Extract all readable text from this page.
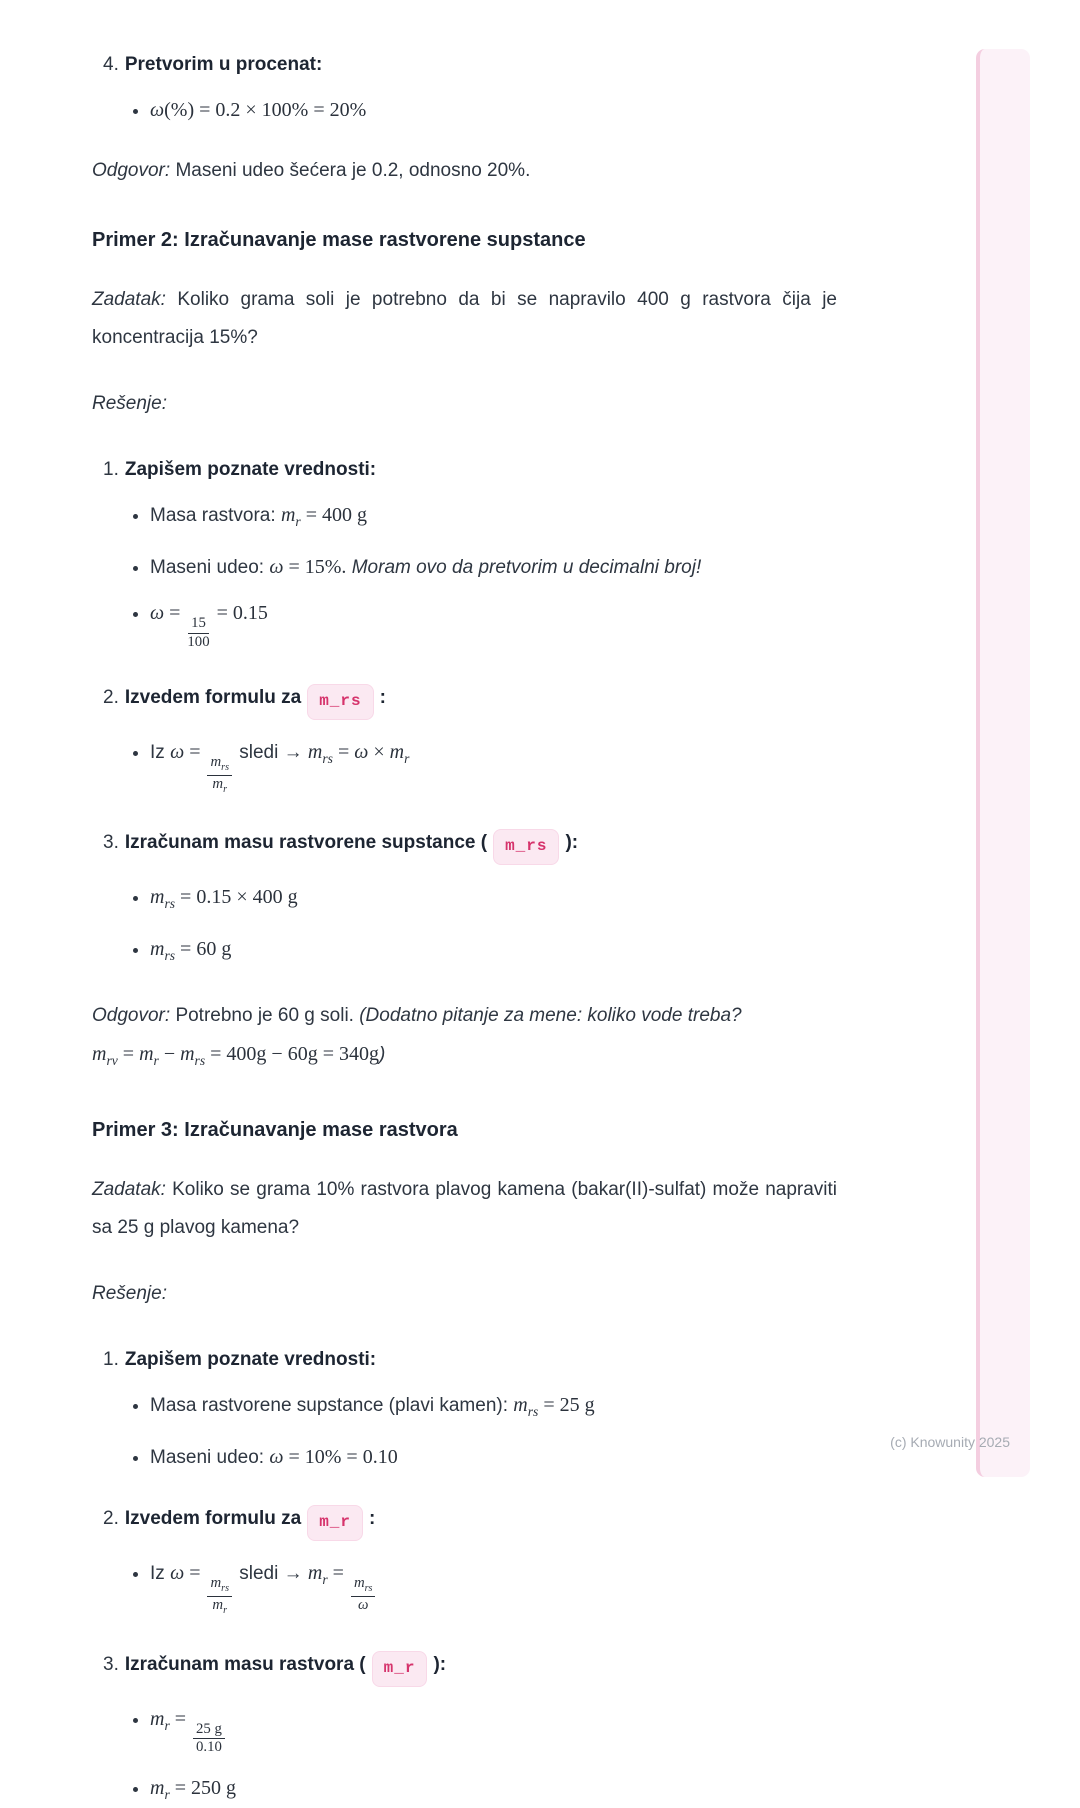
4. Pretvorim u procenat:
• ω(%) = 0.2 × 100% = 20%

Odgovor: Maseni udeo šećera je 0.2, odnosno 20%.

Primer 2: Izračunavanje mase rastvorene supstance

Zadatak: Koliko grama soli je potrebno da bi se napravilo 400 g rastvora čija je koncentracija 15%?

Rešenje:

1. Zapišem poznate vrednosti:
• Masa rastvora: $m_r = 400$ g
• Maseni udeo: ω = 15%. Moram ovo da pretvorim u decimalni broj!
• ω =
$\frac{15}{100}$
= 0.15
2. Izvedem formulu za m_rs :
• Iz ω =
$\frac{m_{rs}}{m_r}$
sledi → $m_{rs} = \omega \times m_r$
3. Izračunam masu rastvorene supstance ( m_rs ):
• $m_{rs} = 0.15 \times 400$ g
• $m_{rs} = 60$ g

Odgovor: Potrebno je 60 g soli. (Dodatno pitanje za mene: koliko vode treba? $m_{rv} = m_r - m_{rs} = 400g - 60g = 340g$)

Primer 3: Izračunavanje mase rastvora

Zadatak: Koliko se grama 10% rastvora plavog kamena (bakar(II)-sulfat) može napraviti sa 25 g plavog kamena?

Rešenje:

1. Zapišem poznate vrednosti:
• Masa rastvorene supstance (plavi kamen): $m_{rs} = 25$ g
• Maseni udeo: ω = 10% = 0.10
2. Izvedem formulu za m_r :
• Iz ω =
$\frac{m_{rs}}{m_r}$
sledi → $m_r$ =
$\frac{m_{rs}}{\omega}$
3. Izračunam masu rastvora ( m_r ):
• $m_r$ =
$\frac{25 g}{0.10}$
• $m_r = 250$ g
(c) Knowunity 2025
